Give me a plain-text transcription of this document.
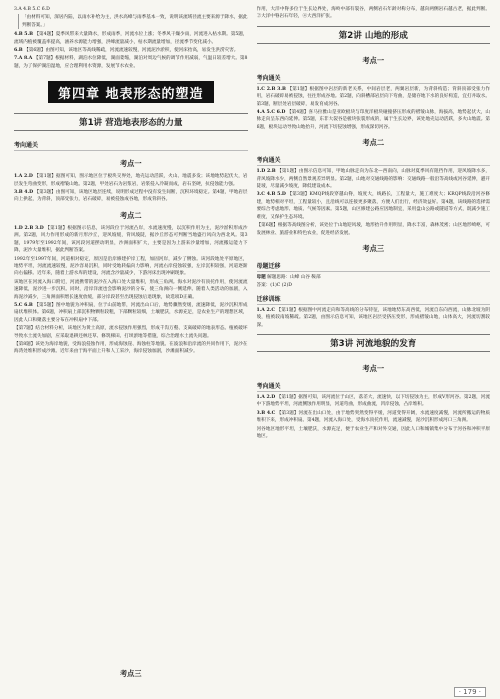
3.A 4.B 5.C 6.D

「由材料可知，深居内陆，以雨水补给为主，洪水高峰与雨季基本一致，说明该流域径流主要来源于降水，据此判断答案。」

4.B 5.B 【第4题】夏季风带来大量降水，形成雨季，河流水位上涨；冬季风干燥少雨，河流进入枯水期。第5题，流域内植被覆盖率提高，涵养水源能力增强，洪峰流量减小，枯水期流量增加，径流季节变化减小。

6.B 【第6题】由图可知，该地区等高线稀疏，河流流速较慢，河流泥沙淤积，使河床抬高，易发生洪涝灾害。

7.A 8.A 【第7题】根据材料，湖泊水位降低，湖面萎缩，湖泊对周边气候的调节作用减弱，气温日较差增大。第8题，为了保护湖泊湿地，应合理利用水资源，发展节水农业。

第四章 地表形态的塑造
第1讲 营造地表形态的力量
考向通关
考点一

1.A 2.D 【第1题】据图可知，图示地区位于板块交界处，地壳运动活跃，火山、地震多发；该地地势起伏大，岩层发生弯曲变形，形成褶皱山地。第2题，甲处岩石为岩浆岩，岩浆侵入冷凝而成，岩石坚硬，抗侵蚀能力强。

3.B 4.D 【第3题】由图可知，该地区地层连续，说明形成过程中没有发生间断，沉积环境稳定。第4题，甲地岩层向上拱起，为背斜，顶部受张力，岩石破碎，易被侵蚀成谷地，形成背斜谷。

考点二

1.D 2.B 3.D 【第1题】根据图示信息，该河段位于河流凸岸，水流速度慢，以沉积作用为主，泥沙淤积形成沙洲。第2题，风力作用形成的新月形沙丘，迎风坡缓，背风坡陡，据沙丘形态可判断当地盛行风向为西北风。第3题，1979年至1992年间，该河段河道摆动明显，沙洲面积扩大，主要是因为上游来沙量增加，河流搬运能力下降，泥沙大量堆积，据此判断答案。

1992年至1997年间，河道相对稳定，原因是沿岸修建护岸工程，加固河岸，减少了侧蚀。该河段地处平原地区，地势平坦，河流流速较慢，泥沙容易沉积，同时受地转偏向力影响，河流右岸侵蚀较强，左岸沉积较强，河道逐渐向右偏移。近年来，随着上游水库的建设，河流含沙量减少，下游河床出现冲刷现象。

该地区在河流入海口附近，河流携带的泥沙在入海口处大量堆积，形成三角洲。海水对泥沙有顶托作用，使河流流速降低，泥沙进一步沉积。同时，沿岸洋流也会影响泥沙的分布，使三角洲向一侧延伸。随着人类活动的加剧，入海泥沙减少，三角洲面积增长速度放缓，部分岸段甚至出现侵蚀后退现象，故选项D正确。

5.C 6.B 【第5题】图中地貌为冲积扇，位于山前地带，河流出山口后，地势骤然变缓，流速降低，泥沙沉积形成扇状堆积体。第6题，冲积扇上部沉积物颗粒较粗，下部颗粒较细，土壤肥沃，水源充足，是农业生产的理想区域，因此人口和聚落主要分布在冲积扇中下部。

【第7题】结合材料分析，该地区为黄土高原，流水侵蚀作用强烈，形成千沟万壑、支离破碎的地表形态。植被破坏导致水土流失加剧，应采取退耕还林还草、修筑梯田、打坝淤地等措施，综合治理水土流失问题。

【第8题】该处为海岸地貌，受海浪侵蚀作用，形成海蚀崖、海蚀柱等地貌。在波浪和沿岸流的共同作用下，泥沙在海湾处堆积形成沙滩。近年来由于海平面上升和人工采沙，海岸侵蚀加剧，沙滩面积减少。

考点三

作用，大洋中脊多位于生长边界处，海岭中部有裂谷，两侧岩石年龄对称分布，越向两侧岩石越古老，据此判断。②大洋中脊岩石年轻，④大西洋扩张。

第2讲 山地的形成
考点一
考向通关

1.C 2.B 3.B 【第1题】根据图中岩层的新老关系，中间岩层老，两翼岩层新，为背斜构造；背斜顶部受张力作用，岩石破碎易被侵蚀，往往形成谷地。第2题，向斜槽部岩层向下弯曲，是储存地下水的良好构造，宜打井取水。第3题，断层处岩层破碎，易发育成河谷。

4.A 5.C 6.D 【第4题】喜马拉雅山是亚欧板块与印度洋板块碰撞挤压形成的褶皱山脉，海拔高，地势起伏大，山脉走向呈东西向延伸。第5题，东非大裂谷是板块张裂形成的，属于生长边界，该处地壳运动活跃，多火山地震。第6题，板块运动导致山地抬升，河流下切侵蚀增强，形成深切河谷。

考点二
考向通关

1.D 2.B 【第1题】由图示信息可知，甲地山脉走向为东北—西南向，山脉对夏季风有阻挡作用，迎风坡降水多，背风坡降水少，两侧自然景观差异明显。第2题，山地对交通线路的影响：交通线路一般沿等高线或河谷延伸，避开陡坡，尽量减少坡度，降低建设成本。

3.C 4.B 5.D 【第3题】KMQP线段穿越山脊，坡度大，线路长，工程量大，施工难度大；KRQP线段沿河谷修建，地势相对平坦，工程量较小，且沿线可以连接更多聚落，方便人们出行，经济效益好。第4题，该线路的选择需要综合考虑地形、地质、气候等因素。第5题，山区修建公路应因地制宜，采用盘山公路或隧道等方式，既减少施工难度，又保护生态环境。

【第6题】根据等高线图分析，该处位于山地迎风坡，地形抬升作用明显，降水丰富，森林茂密；山区地形崎岖，可发展林业、旅游业和特色农业，促进经济发展。

考点三
母题迁移

母题 解题思路：山峰 山谷 鞍部

答案：(1)C (2)D

迁移训练

1.A 2.C 【第1题】根据图中河流走向和等高线的分布特征，该地地势东高西低，河流自东向西流，山脉北坡为阴坡，植被较南坡稀疏。第2题，由图示信息可知，该地区岩层受挤压变形，形成褶皱山地，山体高大，河流切割较深。

第3讲 河流地貌的发育
考点一
考向通关

1.A 2.D 【第1题】据图可知，该河流位于山区，落差大，流速快，以下切侵蚀为主，形成V形河谷。第2题，河流中下游地势平坦，河流侧蚀作用明显，河道弯曲，形成曲流，凹岸侵蚀，凸岸堆积。

3.B 4.C 【第3题】河流在出山口处，由于地势突然变得平缓，河道变得开阔，水流速度减慢，河流所搬运的物质堆积下来，形成冲积扇。第4题，河流入海口处，受海水顶托作用，流速减慢，泥沙沉积形成河口三角洲。

河谷地区地形平坦，土壤肥沃，水源充足，便于农业生产和对外交通，因此人口和城镇集中分布于河谷和冲积平原地区。

· 179 ·
